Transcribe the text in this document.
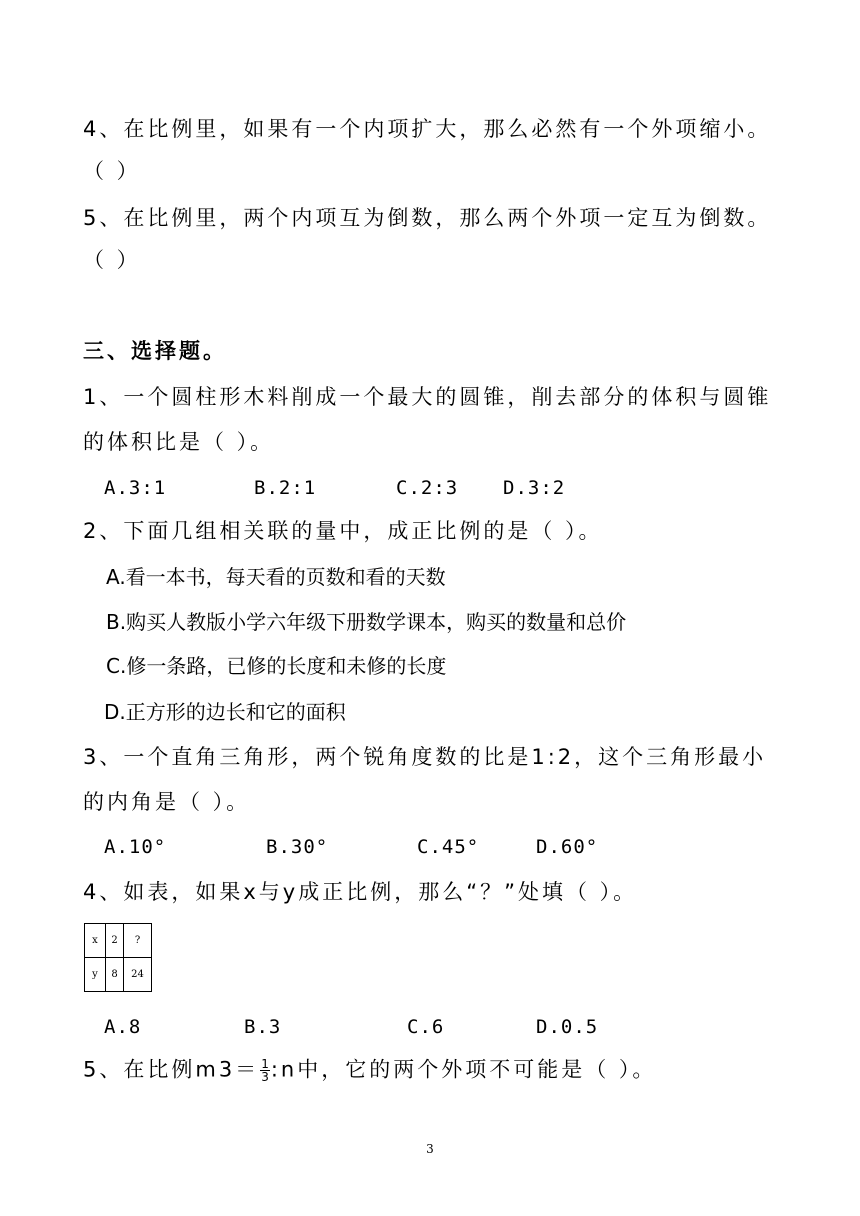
4、在比例里，如果有一个内项扩大，那么必然有一个外项缩小。
（ ）
5、在比例里，两个内项互为倒数，那么两个外项一定互为倒数。
（ ）
三、选择题。
1、一个圆柱形木料削成一个最大的圆锥，削去部分的体积与圆锥
的体积比是（ ）。
A.3:1	B.2:1	C.2:3 D.3:2
2、下面几组相关联的量中，成正比例的是（ ）。
A.看一本书，每天看的页数和看的天数
B.购买人教版小学六年级下册数学课本，购买的数量和总价
C.修一条路，已修的长度和未修的长度
D.正方形的边长和它的面积
3、一个直角三角形，两个锐角度数的比是1:2，这个三角形最小
的内角是（ ）。
A.10°	B.30°	C.45°	D.60°
4、如表，如果x与y成正比例，那么“？”处填（ ）。
x	2	?
y	8	24
A.8	B.3	C.6	D.0.5
5、在比例$m3= \frac{1}{3}$ :n中，它的两个外项不可能是（ ）。
3
